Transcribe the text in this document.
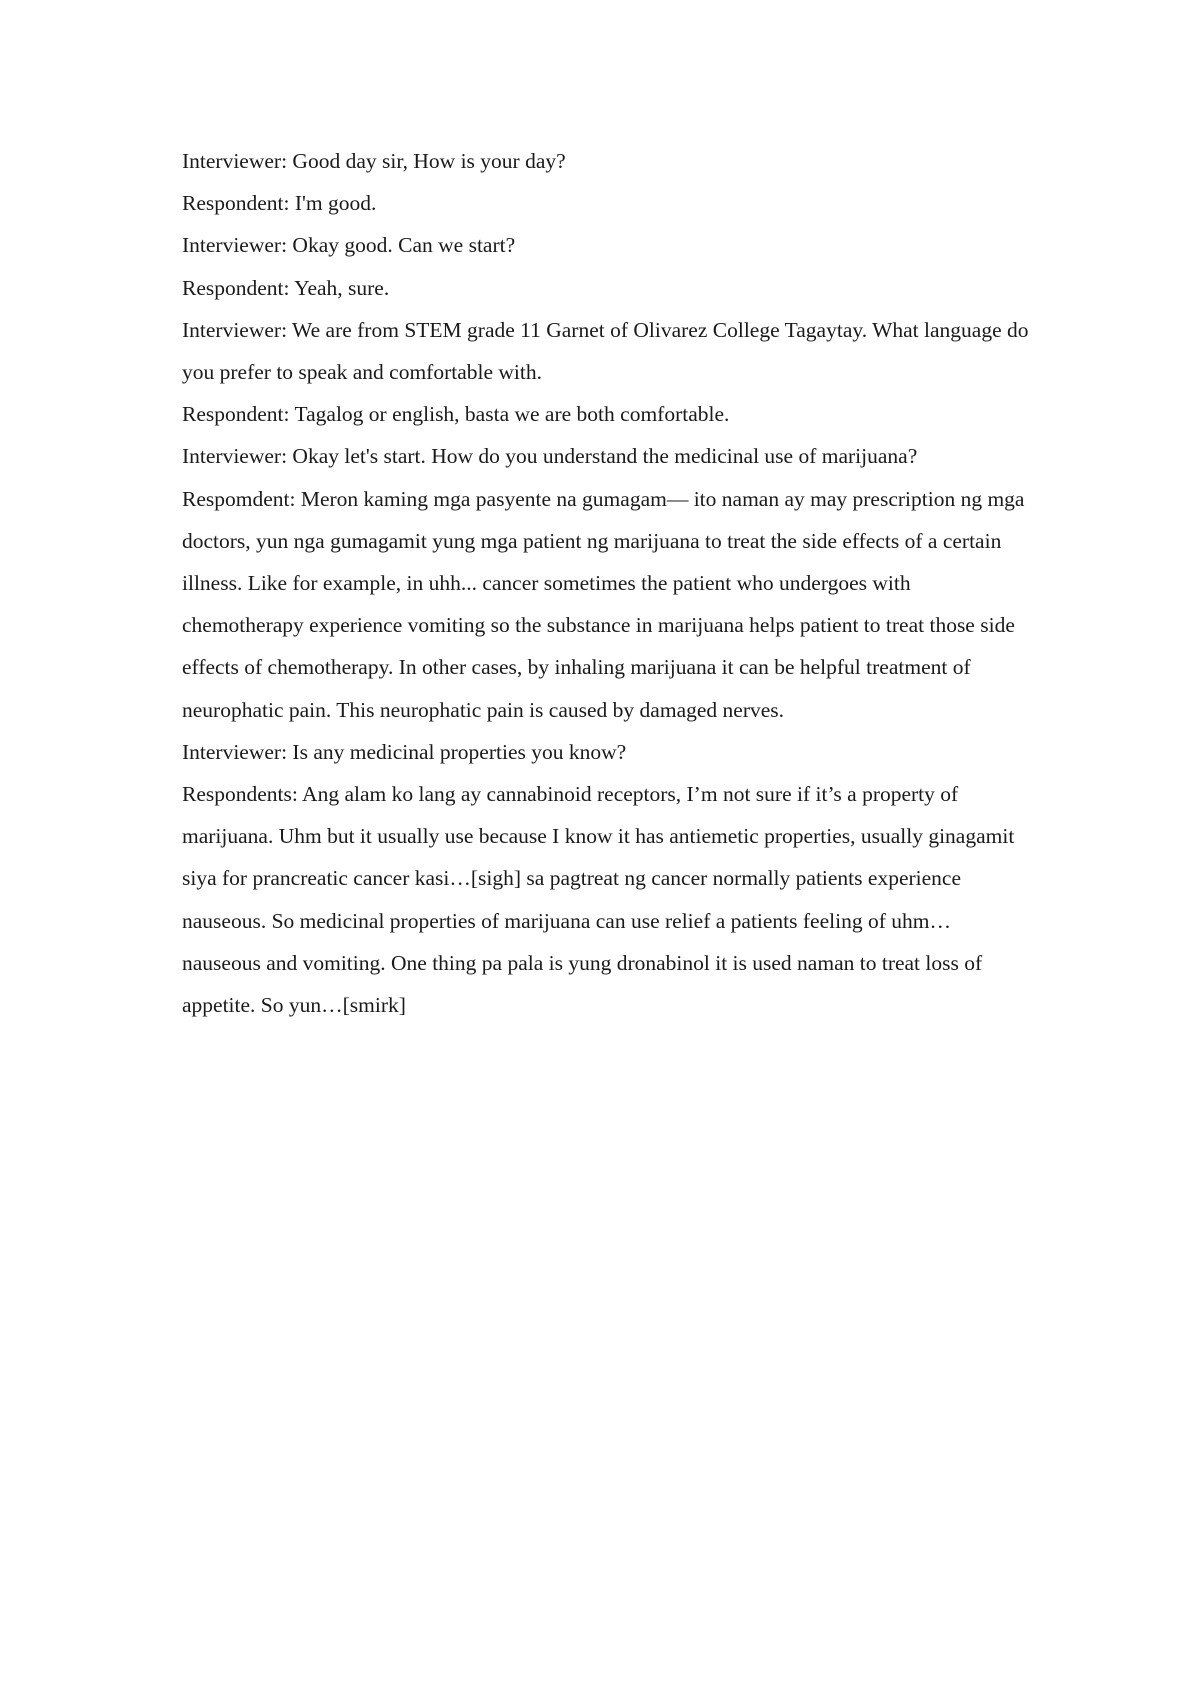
Interviewer: Good day sir, How is your day?

Respondent: I'm good.

Interviewer: Okay good. Can we start?

Respondent: Yeah, sure.

Interviewer: We are from STEM grade 11 Garnet of Olivarez College Tagaytay. What language do you prefer to speak and comfortable with.

Respondent: Tagalog or english, basta we are both comfortable.

Interviewer: Okay let's start. How do you understand the medicinal use of marijuana?

Respomdent: Meron kaming mga pasyente na gumagam— ito naman ay may prescription ng mga doctors, yun nga gumagamit yung mga patient ng marijuana to treat the side effects of a certain illness. Like for example, in uhh... cancer sometimes the patient who undergoes with chemotherapy experience vomiting so the substance in marijuana helps patient to treat those side effects of chemotherapy. In other cases, by inhaling marijuana it can be helpful treatment of neurophatic pain. This neurophatic pain is caused by damaged nerves.

Interviewer: Is any medicinal properties you know?

Respondents: Ang alam ko lang ay cannabinoid receptors, I’m not sure if it’s a property of marijuana. Uhm but it usually use because I know it has antiemetic properties, usually ginagamit siya for prancreatic cancer kasi…[sigh] sa pagtreat ng cancer normally patients experience nauseous. So medicinal properties of marijuana can use relief a patients feeling of uhm… nauseous and vomiting. One thing pa pala is yung dronabinol it is used naman to treat loss of appetite. So yun…[smirk]
